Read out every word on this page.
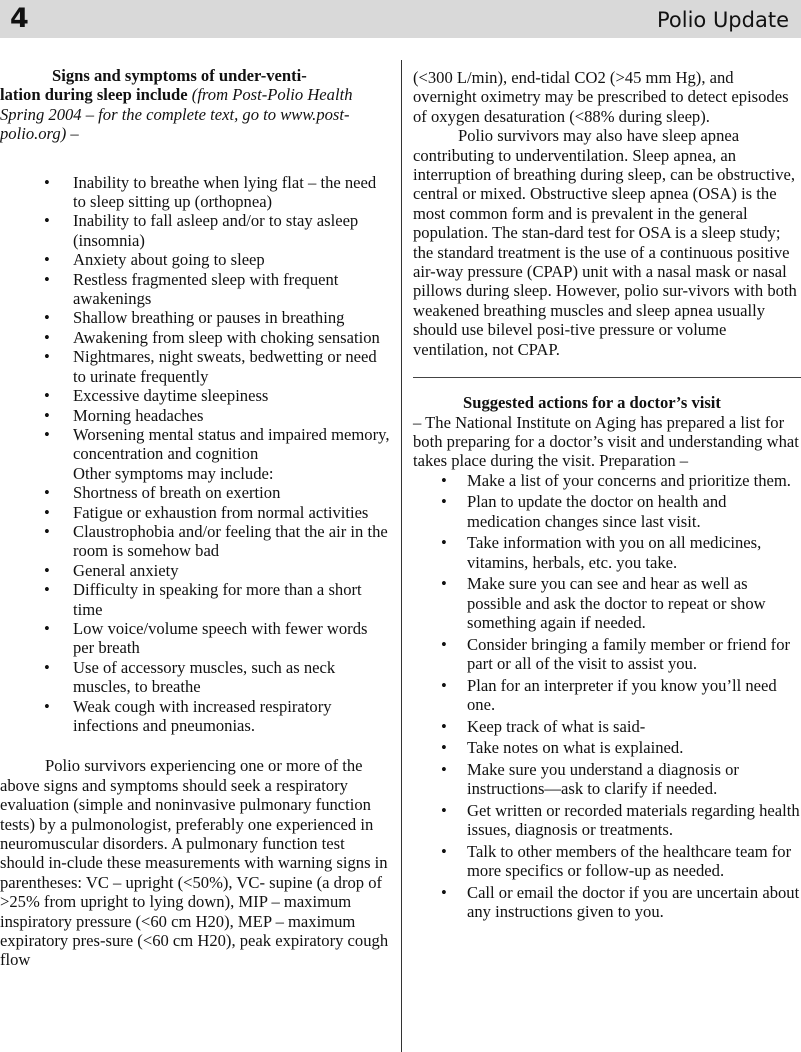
4	Polio Update

Signs and symptoms of under-venti-
lation during sleep include (from Post-Polio Health Spring 2004 – for the complete text, go to www.post-polio.org) –

• Inability to breathe when lying flat – the need to sleep sitting up (orthopnea)
• Inability to fall asleep and/or to stay asleep (insomnia)
• Anxiety about going to sleep
• Restless fragmented sleep with frequent awakenings
• Shallow breathing or pauses in breathing
• Awakening from sleep with choking sensation
• Nightmares, night sweats, bedwetting or need to urinate frequently
• Excessive daytime sleepiness
• Morning headaches
• Worsening mental status and impaired memory, concentration and cognition

Other symptoms may include:

• Shortness of breath on exertion
• Fatigue or exhaustion from normal activities
• Claustrophobia and/or feeling that the air in the room is somehow bad
• General anxiety
• Difficulty in speaking for more than a short time
• Low voice/volume speech with fewer words per breath
• Use of accessory muscles, such as neck muscles, to breathe
• Weak cough with increased respiratory infections and pneumonias.

Polio survivors experiencing one or more of the above signs and symptoms should seek a respiratory evaluation (simple and noninvasive pulmonary function tests) by a pulmonologist, preferably one experienced in neuromuscular disorders. A pulmonary function test should in-clude these measurements with warning signs in parentheses: VC – upright (<50%), VC- supine (a drop of >25% from upright to lying down), MIP – maximum inspiratory pressure (<60 cm H20), MEP – maximum expiratory pres-sure (<60 cm H20), peak expiratory cough flow

(<300 L/min), end-tidal CO2 (>45 mm Hg), and overnight oximetry may be prescribed to detect episodes of oxygen desaturation (<88% during sleep).

Polio survivors may also have sleep apnea contributing to underventilation. Sleep apnea, an interruption of breathing during sleep, can be obstructive, central or mixed. Obstructive sleep apnea (OSA) is the most common form and is prevalent in the general population. The stan-dard test for OSA is a sleep study; the standard treatment is the use of a continuous positive air-way pressure (CPAP) unit with a nasal mask or nasal pillows during sleep. However, polio sur-vivors with both weakened breathing muscles and sleep apnea usually should use bilevel posi-tive pressure or volume ventilation, not CPAP.

Suggested actions for a doctor’s visit

– The National Institute on Aging has prepared a list for both preparing for a doctor’s visit and understanding what takes place during the visit. Preparation –

• Make a list of your concerns and prioritize them.
• Plan to update the doctor on health and medication changes since last visit.
• Take information with you on all medicines, vitamins, herbals, etc. you take.
• Make sure you can see and hear as well as possible and ask the doctor to repeat or show something again if needed.
• Consider bringing a family member or friend for part or all of the visit to assist you.
• Plan for an interpreter if you know you’ll need one.
• Keep track of what is said-
• Take notes on what is explained.
• Make sure you understand a diagnosis or instructions—ask to clarify if needed.
• Get written or recorded materials regarding health issues, diagnosis or treatments.
• Talk to other members of the healthcare team for more specifics or follow-up as needed.
• Call or email the doctor if you are uncertain about any instructions given to you.
